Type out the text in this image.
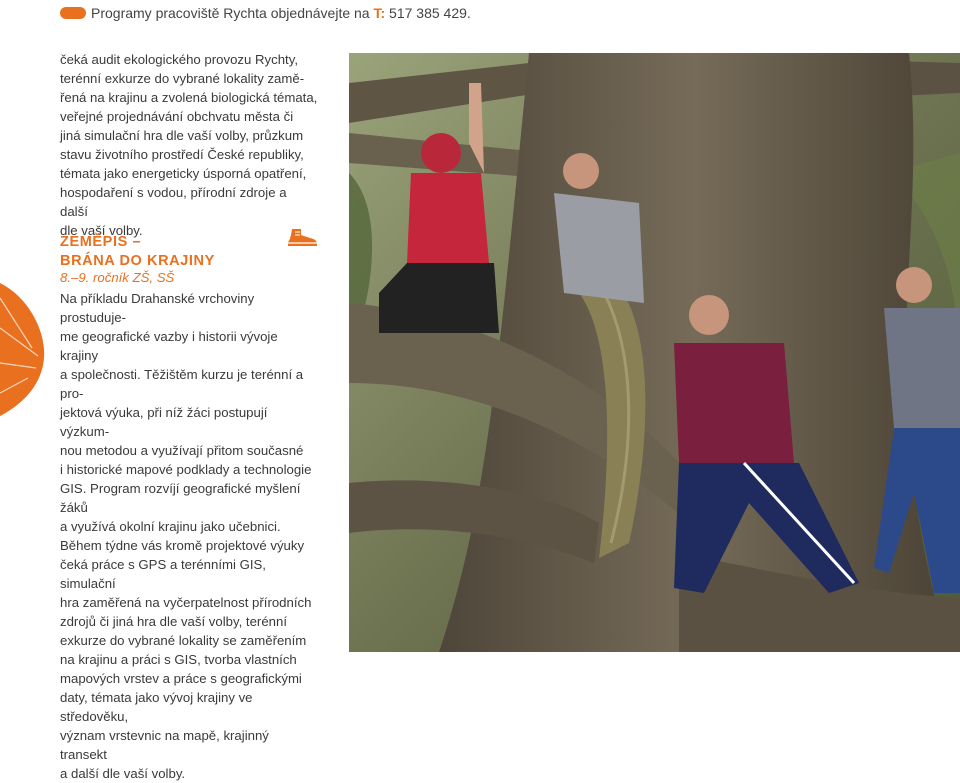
Programy pracoviště Rychta objednávejte na T: 517 385 429.

čeká audit ekologického provozu Rychty,

terénní exkurze do vybrané lokality zamě-

řená na krajinu a zvolená biologická témata,

veřejné projednávání obchvatu města či

jiná simulační hra dle vaší volby, průzkum

stavu životního prostředí České republiky,

témata jako energeticky úsporná opatření,

hospodaření s vodou, přírodní zdroje a další

dle vaší volby.

ZEMĚPIS –
BRÁNA DO KRAJINY
8.–9. ročník ZŠ, SŠ

Na příkladu Drahanské vrchoviny prostuduje-

me geografické vazby i historii vývoje krajiny

a společnosti. Těžištěm kurzu je terénní a pro-

jektová výuka, při níž žáci postupují výzkum-

nou metodou a využívají přitom současné

i historické mapové podklady a technologie

GIS. Program rozvíjí geografické myšlení žáků

a využívá okolní krajinu jako učebnici.

Během týdne vás kromě projektové výuky

čeká práce s GPS a terénními GIS, simulační

hra zaměřená na vyčerpatelnost přírodních

zdrojů či jiná hra dle vaší volby, terénní

exkurze do vybrané lokality se zaměřením

na krajinu a práci s GIS, tvorba vlastních

mapových vrstev a práce s geografickými

daty, témata jako vývoj krajiny ve středověku,

význam vrstevnic na mapě, krajinný transekt

a další dle vaší volby.
